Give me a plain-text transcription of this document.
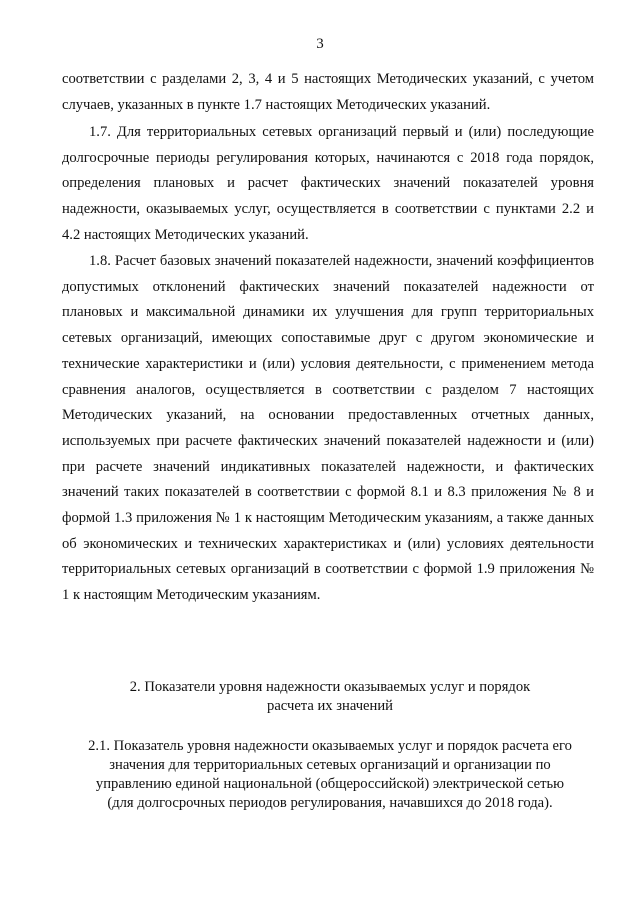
3

соответствии с разделами 2, 3, 4 и 5 настоящих Методических указаний, с учетом случаев, указанных в пункте 1.7 настоящих Методических указаний.

1.7. Для территориальных сетевых организаций первый и (или) последующие долгосрочные периоды регулирования которых, начинаются с 2018 года порядок, определения плановых и расчет фактических значений показателей уровня надежности, оказываемых услуг, осуществляется в соответствии с пунктами 2.2 и 4.2 настоящих Методических указаний.

1.8. Расчет базовых значений показателей надежности, значений коэффициентов допустимых отклонений фактических значений показателей надежности от плановых и максимальной динамики их улучшения для групп территориальных сетевых организаций, имеющих сопоставимые друг с другом экономические и технические характеристики и (или) условия деятельности, с применением метода сравнения аналогов, осуществляется в соответствии с разделом 7 настоящих Методических указаний, на основании предоставленных отчетных данных, используемых при расчете фактических значений показателей надежности и (или) при расчете значений индикативных показателей надежности, и фактических значений таких показателей в соответствии с формой 8.1 и 8.3 приложения № 8 и формой 1.3 приложения № 1 к настоящим Методическим указаниям, а также данных об экономических и технических характеристиках и (или) условиях деятельности территориальных сетевых организаций в соответствии с формой 1.9 приложения № 1 к настоящим Методическим указаниям.

2. Показатели уровня надежности оказываемых услуг и порядок
расчета их значений
2.1. Показатель уровня надежности оказываемых услуг и порядок расчета его
значения для территориальных сетевых организаций и организации по
управлению единой национальной (общероссийской) электрической сетью
(для долгосрочных периодов регулирования, начавшихся до 2018 года).
